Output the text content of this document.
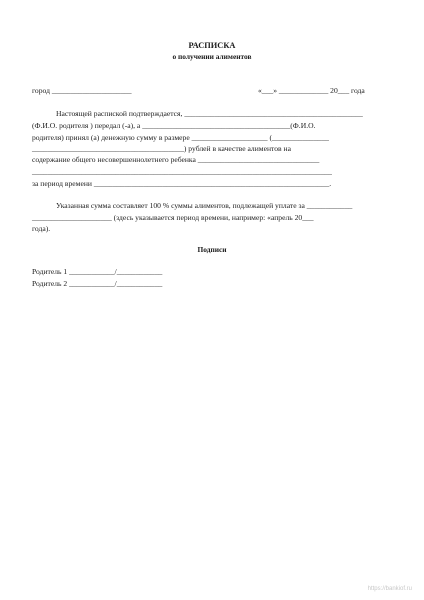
РАСПИСКА
о получении алиментов
город _____________________	«___» _____________ 20___ года
Настоящей распиской подтверждается, _______________________________________________
(Ф.И.О. родителя ) передал (-а), а _______________________________________(Ф.И.О.
родителя) принял (а) денежную сумму в размере ____________________ (_______________
________________________________________) рублей в качестве алиментов на
содержание общего несовершеннолетнего ребенка ________________________________
_______________________________________________________________________________
за период времени ______________________________________________________________.
Указанная сумма составляет 100 % суммы алиментов, подлежащей уплате за ____________
_____________________ (здесь указывается период времени, например: «апрель 20___
года).
Подписи
Родитель 1 ____________/____________
Родитель 2 ____________/____________
https://bankiof.ru
